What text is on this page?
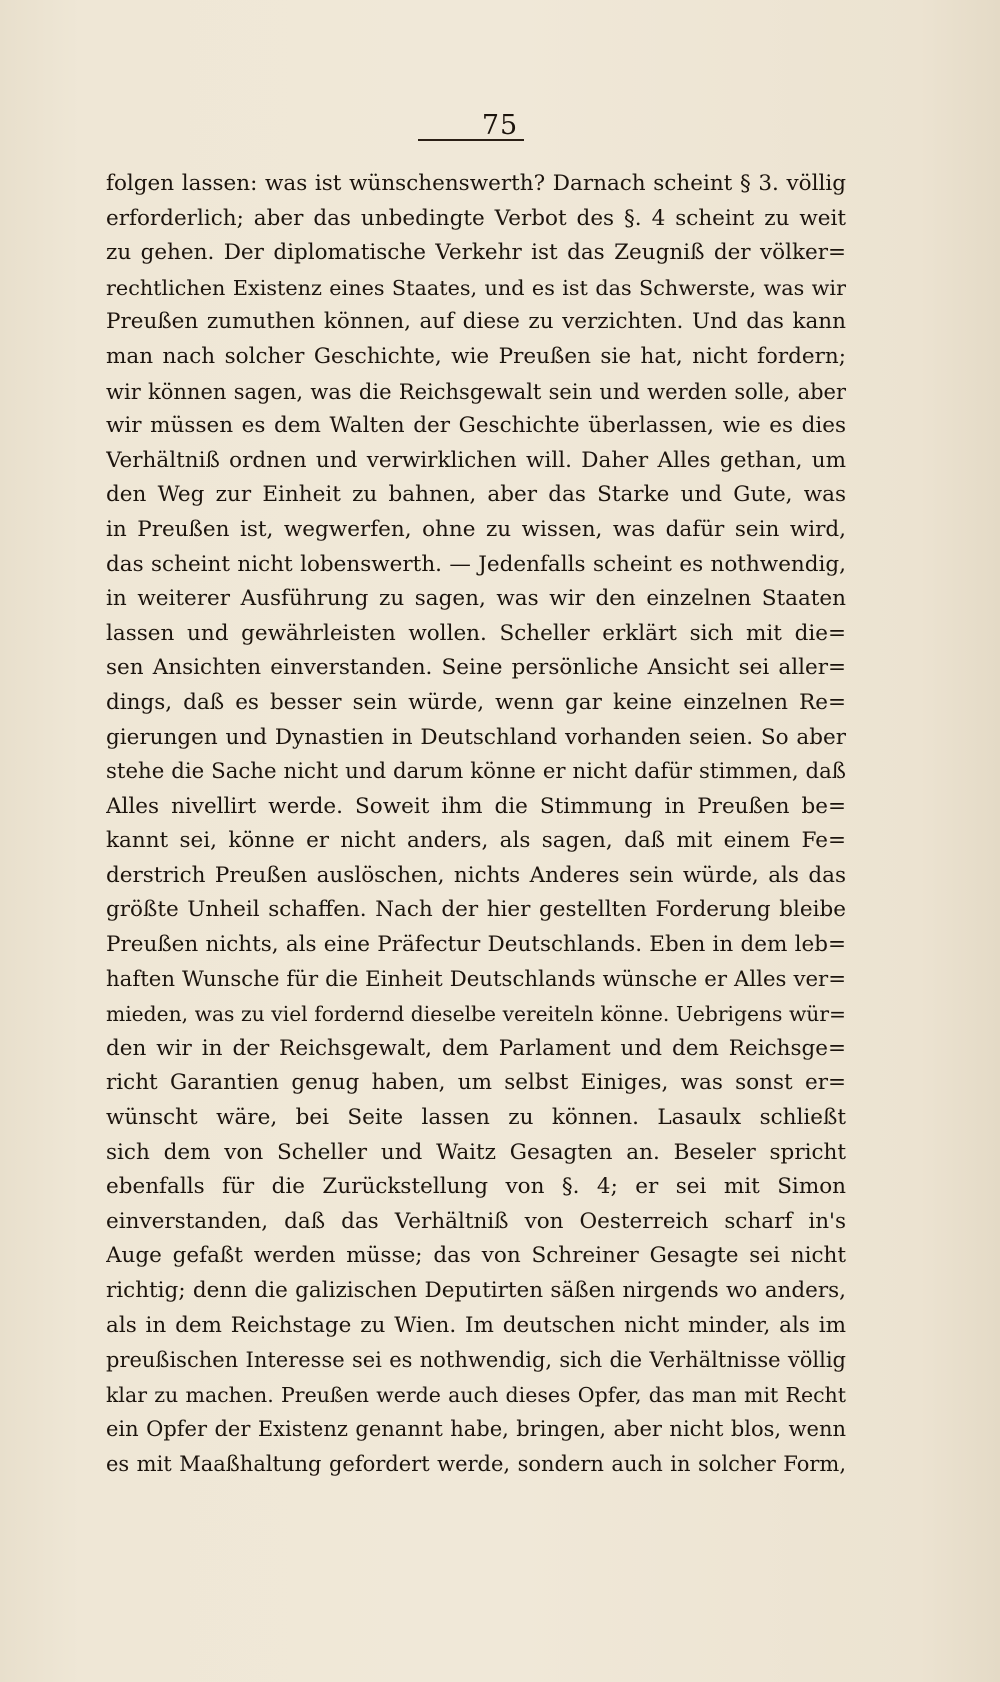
75
folgen lassen: was ist wünschenswerth? Darnach scheint § 3. völlig
erforderlich; aber das unbedingte Verbot des §. 4 scheint zu weit
zu gehen. Der diplomatische Verkehr ist das Zeugniß der völker=
rechtlichen Existenz eines Staates, und es ist das Schwerste, was wir
Preußen zumuthen können, auf diese zu verzichten. Und das kann
man nach solcher Geschichte, wie Preußen sie hat, nicht fordern;
wir können sagen, was die Reichsgewalt sein und werden solle, aber
wir müssen es dem Walten der Geschichte überlassen, wie es dies
Verhältniß ordnen und verwirklichen will. Daher Alles gethan, um
den Weg zur Einheit zu bahnen, aber das Starke und Gute, was
in Preußen ist, wegwerfen, ohne zu wissen, was dafür sein wird,
das scheint nicht lobenswerth. — Jedenfalls scheint es nothwendig,
in weiterer Ausführung zu sagen, was wir den einzelnen Staaten
lassen und gewährleisten wollen. Scheller erklärt sich mit die=
sen Ansichten einverstanden. Seine persönliche Ansicht sei aller=
dings, daß es besser sein würde, wenn gar keine einzelnen Re=
gierungen und Dynastien in Deutschland vorhanden seien. So aber
stehe die Sache nicht und darum könne er nicht dafür stimmen, daß
Alles nivellirt werde. Soweit ihm die Stimmung in Preußen be=
kannt sei, könne er nicht anders, als sagen, daß mit einem Fe=
derstrich Preußen auslöschen, nichts Anderes sein würde, als das
größte Unheil schaffen. Nach der hier gestellten Forderung bleibe
Preußen nichts, als eine Präfectur Deutschlands. Eben in dem leb=
haften Wunsche für die Einheit Deutschlands wünsche er Alles ver=
mieden, was zu viel fordernd dieselbe vereiteln könne. Uebrigens wür=
den wir in der Reichsgewalt, dem Parlament und dem Reichsge=
richt Garantien genug haben, um selbst Einiges, was sonst er=
wünscht wäre, bei Seite lassen zu können. Lasaulx schließt
sich dem von Scheller und Waitz Gesagten an. Beseler spricht
ebenfalls für die Zurückstellung von §. 4; er sei mit Simon
einverstanden, daß das Verhältniß von Oesterreich scharf in's
Auge gefaßt werden müsse; das von Schreiner Gesagte sei nicht
richtig; denn die galizischen Deputirten säßen nirgends wo anders,
als in dem Reichstage zu Wien. Im deutschen nicht minder, als im
preußischen Interesse sei es nothwendig, sich die Verhältnisse völlig
klar zu machen. Preußen werde auch dieses Opfer, das man mit Recht
ein Opfer der Existenz genannt habe, bringen, aber nicht blos, wenn
es mit Maaßhaltung gefordert werde, sondern auch in solcher Form,
